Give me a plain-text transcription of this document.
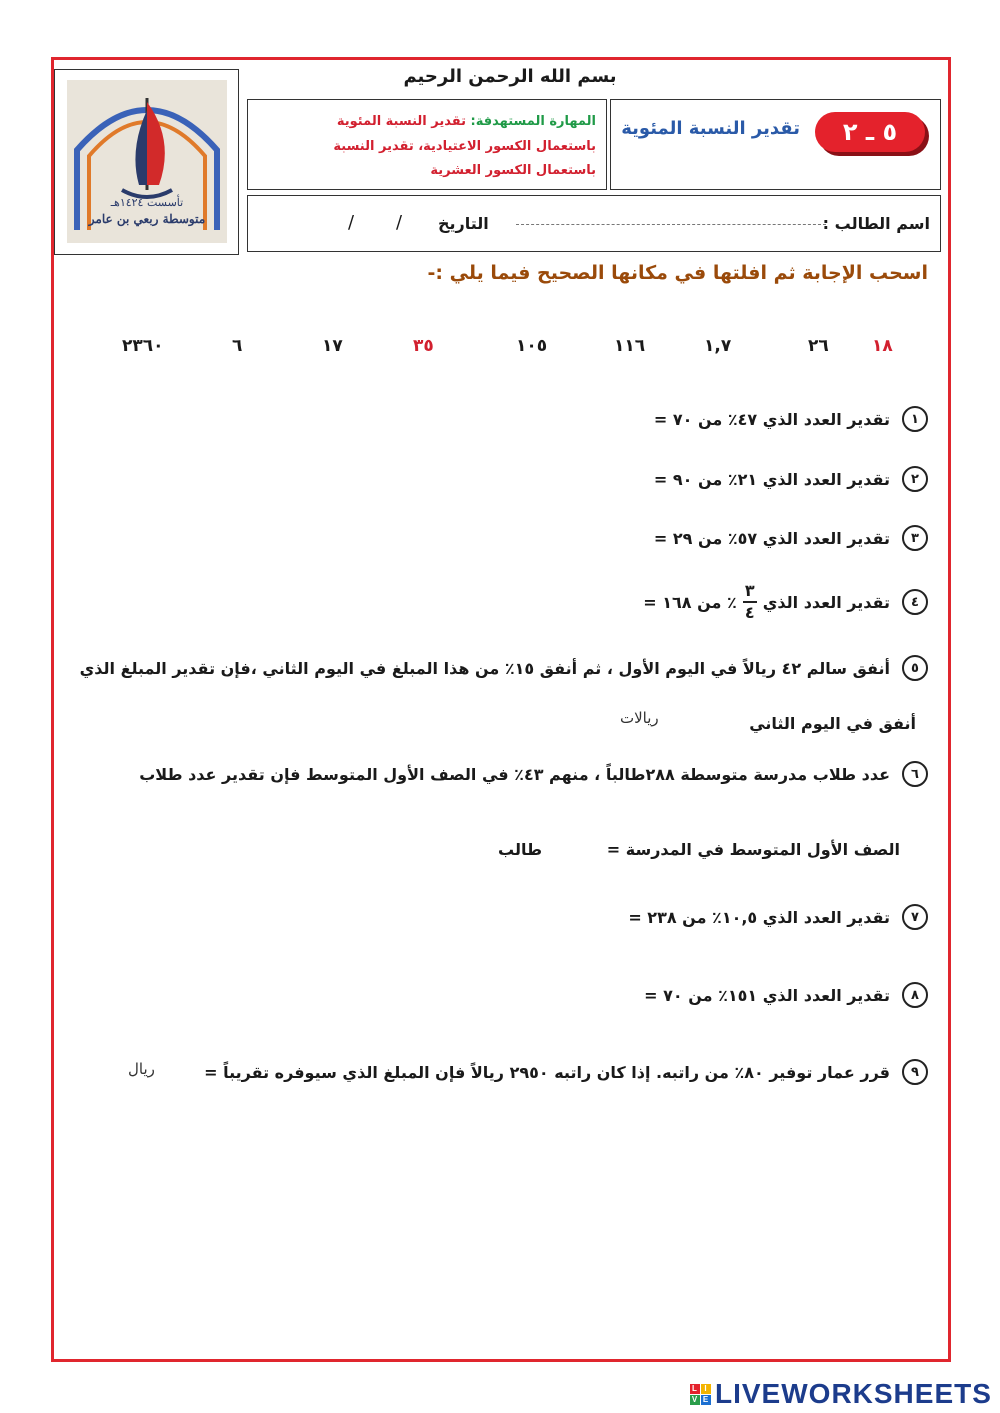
تأسست ١٤٢٤هـ
متوسطة ربعي بن عامر
بسم الله الرحمن الرحيم
المهارة المستهدفة: تقدير النسبة المئوية
باستعمال الكسور الاعتيادية، تقدير النسبة
باستعمال الكسور العشرية
٥ ـ ٢
تقدير النسبة المئوية
اسم الطالب :
التاريخ
/
/
اسحب الإجابة ثم افلتها في مكانها الصحيح فيما يلي :-
١٨
٢٦
١,٧
١١٦
١٠٥
٣٥
١٧
٦
٢٣٦٠
١
تقدير العدد الذي ٤٧٪ من ٧٠ =
٢
تقدير العدد الذي ٢١٪ من ٩٠ =
٣
تقدير العدد الذي ٥٧٪ من ٢٩ =
٤
تقدير العدد الذي
$\frac{٣}{٤}$
٪ من ١٦٨ =
٥
أنفق سالم ٤٢ ريالاً في اليوم الأول ، ثم أنفق ١٥٪ من هذا المبلغ في اليوم الثاني ،فإن تقدير المبلغ الذي
أنفق في اليوم الثاني
ريالات
٦
عدد طلاب مدرسة متوسطة ٢٨٨طالباً ، منهم ٤٣٪ في الصف الأول المتوسط فإن تقدير عدد طلاب
الصف الأول المتوسط في المدرسة =
طالب
٧
تقدير العدد الذي ١٠,٥٪ من ٢٣٨ =
٨
تقدير العدد الذي ١٥١٪ من ٧٠ =
٩
قرر عمار توفير ٨٠٪ من راتبه. إذا كان راتبه ٢٩٥٠ ريالاً فإن المبلغ الذي سيوفره تقريباً =
ريال
L I
V E LIVEWORKSHEETS
